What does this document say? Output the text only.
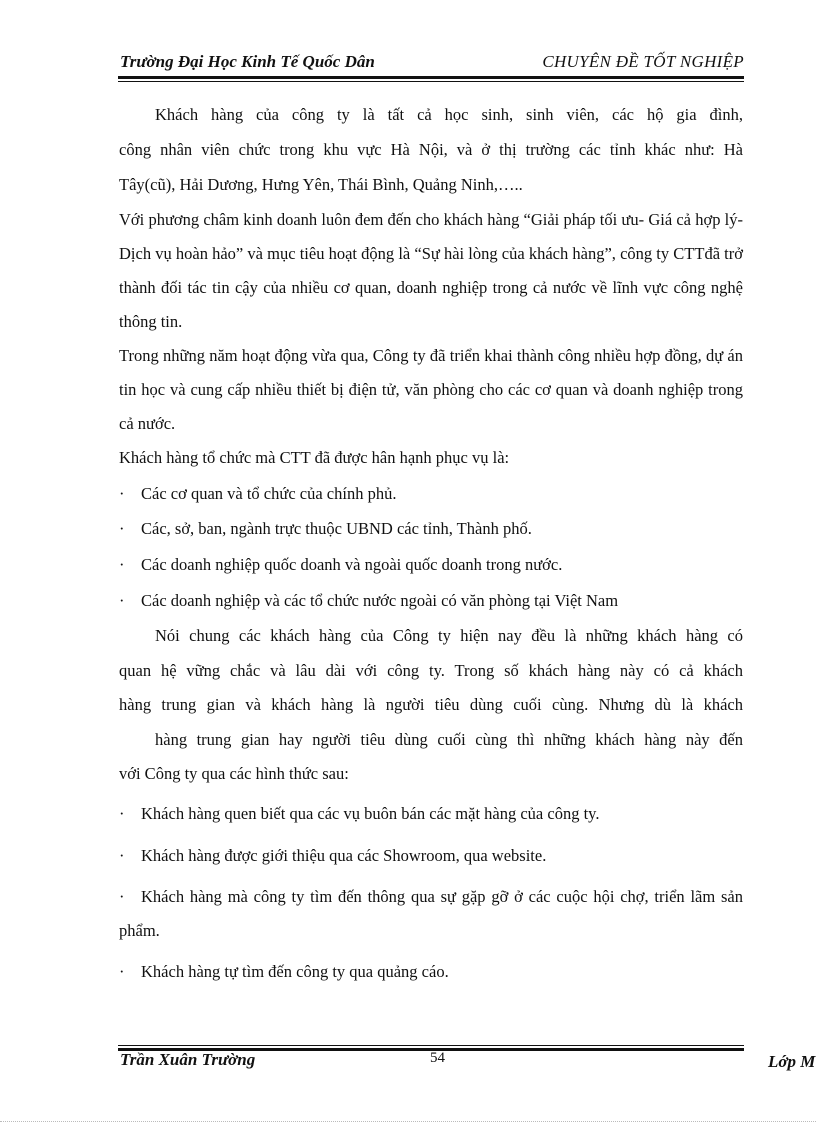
Trường Đại Học Kinh Tế Quốc Dân	CHUYÊN ĐỀ TỐT NGHIỆP

Khách hàng của công ty là tất cả học sinh, sinh viên, các hộ gia đình,

công nhân viên chức trong khu vực Hà Nội, và ở thị trường các tỉnh khác như: Hà

Tây(cũ), Hải Dương, Hưng Yên, Thái Bình, Quảng Ninh,…..

Với phương châm kinh doanh luôn đem đến cho khách hàng “Giải pháp tối ưu- Giá cả hợp lý- Dịch vụ hoàn hảo” và mục tiêu hoạt động là “Sự hài lòng của khách hàng”, công ty CTTđã trở thành đối tác tin cậy của nhiều cơ quan, doanh nghiệp trong cả nước về lĩnh vực công nghệ thông tin.

Trong những năm hoạt động vừa qua, Công ty đã triển khai thành công nhiều hợp đồng, dự án tin học và cung cấp nhiều thiết bị điện tử, văn phòng cho các cơ quan và doanh nghiệp trong cả nước.

Khách hàng tổ chức mà CTT đã được hân hạnh phục vụ là:

· Các cơ quan và tổ chức của chính phủ.

· Các, sở, ban, ngành trực thuộc UBND các tỉnh, Thành phố.

· Các doanh nghiệp quốc doanh và ngoài quốc doanh trong nước.

· Các doanh nghiệp và các tổ chức nước ngoài có văn phòng tại Việt Nam

Nói chung các khách hàng của Công ty hiện nay đều là những khách hàng có

quan hệ vững chắc và lâu dài với công ty. Trong số khách hàng này có cả khách

hàng trung gian và khách hàng là người tiêu dùng cuối cùng. Nhưng dù là khách

hàng trung gian hay người tiêu dùng cuối cùng thì những khách hàng này đến

với Công ty qua các hình thức sau:

· Khách hàng quen biết qua các vụ buôn bán các mặt hàng của công ty.

· Khách hàng được giới thiệu qua các Showroom, qua website.

· Khách hàng mà công ty tìm đến thông qua sự gặp gỡ ở các cuộc hội chợ, triển lãm sản phẩm.

· Khách hàng tự tìm đến công ty qua quảng cáo.

Trần Xuân Trường	54	Lớp M
